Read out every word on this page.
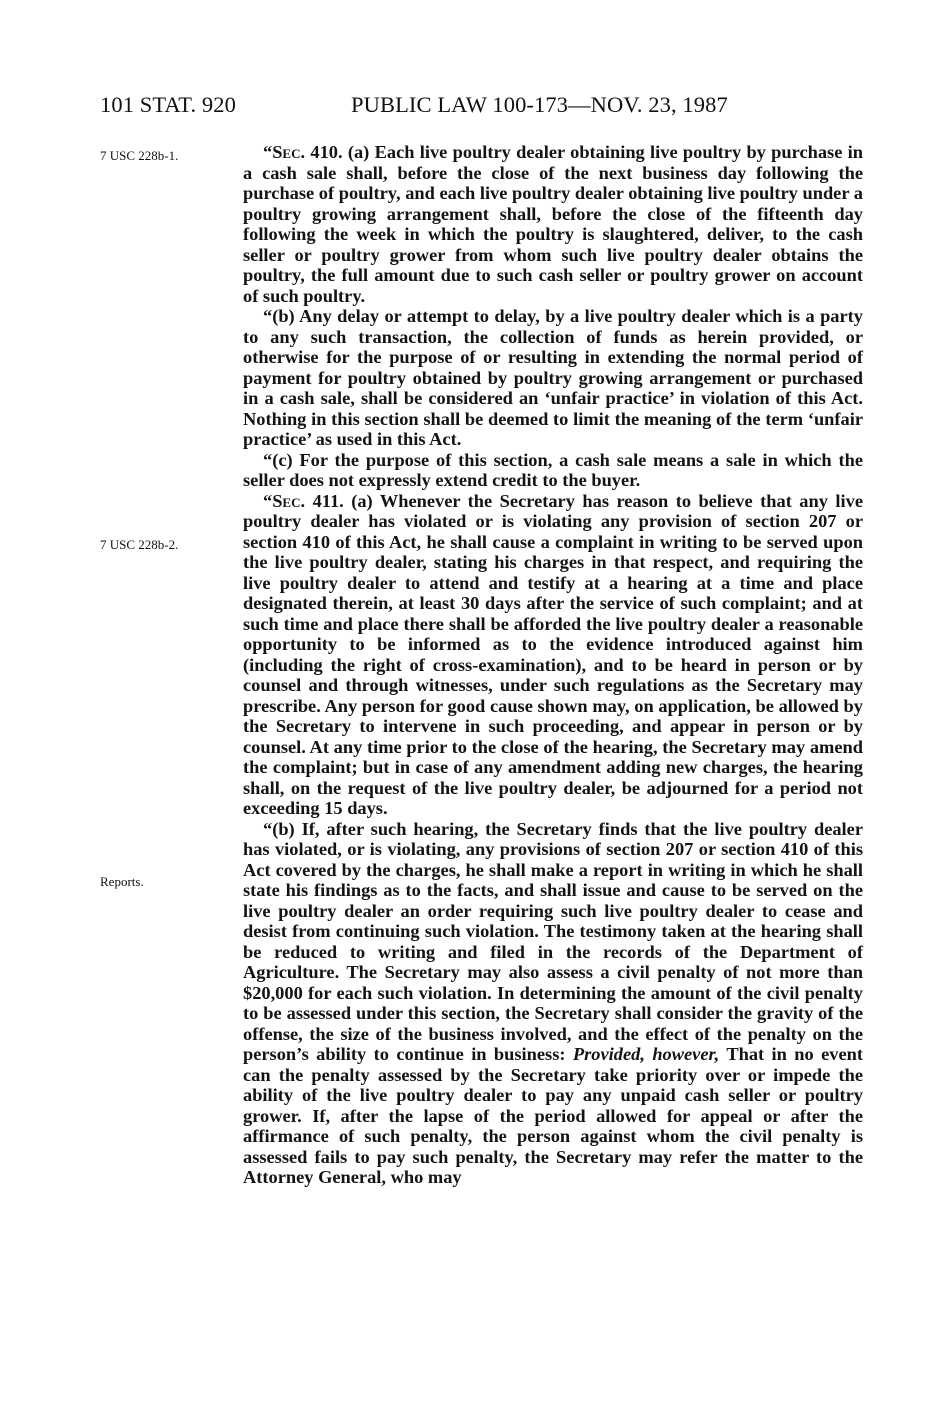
101 STAT. 920	PUBLIC LAW 100-173—NOV. 23, 1987
7 USC 228b-1.
7 USC 228b-2.
Reports.

“Sec. 410. (a) Each live poultry dealer obtaining live poultry by purchase in a cash sale shall, before the close of the next business day following the purchase of poultry, and each live poultry dealer obtaining live poultry under a poultry growing arrangement shall, before the close of the fifteenth day following the week in which the poultry is slaughtered, deliver, to the cash seller or poultry grower from whom such live poultry dealer obtains the poultry, the full amount due to such cash seller or poultry grower on account of such poultry.

“(b) Any delay or attempt to delay, by a live poultry dealer which is a party to any such transaction, the collection of funds as herein provided, or otherwise for the purpose of or resulting in extending the normal period of payment for poultry obtained by poultry growing arrangement or purchased in a cash sale, shall be considered an ‘unfair practice’ in violation of this Act. Nothing in this section shall be deemed to limit the meaning of the term ‘unfair practice’ as used in this Act.

“(c) For the purpose of this section, a cash sale means a sale in which the seller does not expressly extend credit to the buyer.

“Sec. 411. (a) Whenever the Secretary has reason to believe that any live poultry dealer has violated or is violating any provision of section 207 or section 410 of this Act, he shall cause a complaint in writing to be served upon the live poultry dealer, stating his charges in that respect, and requiring the live poultry dealer to attend and testify at a hearing at a time and place designated therein, at least 30 days after the service of such complaint; and at such time and place there shall be afforded the live poultry dealer a reasonable opportunity to be informed as to the evidence introduced against him (including the right of cross-examination), and to be heard in person or by counsel and through witnesses, under such regulations as the Secretary may prescribe. Any person for good cause shown may, on application, be allowed by the Secretary to intervene in such proceeding, and appear in person or by counsel. At any time prior to the close of the hearing, the Secretary may amend the complaint; but in case of any amendment adding new charges, the hearing shall, on the request of the live poultry dealer, be adjourned for a period not exceeding 15 days.

“(b) If, after such hearing, the Secretary finds that the live poultry dealer has violated, or is violating, any provisions of section 207 or section 410 of this Act covered by the charges, he shall make a report in writing in which he shall state his findings as to the facts, and shall issue and cause to be served on the live poultry dealer an order requiring such live poultry dealer to cease and desist from continuing such violation. The testimony taken at the hearing shall be reduced to writing and filed in the records of the Department of Agriculture. The Secretary may also assess a civil penalty of not more than $20,000 for each such violation. In determining the amount of the civil penalty to be assessed under this section, the Secretary shall consider the gravity of the offense, the size of the business involved, and the effect of the penalty on the person’s ability to continue in business: Provided, however, That in no event can the penalty assessed by the Secretary take priority over or impede the ability of the live poultry dealer to pay any unpaid cash seller or poultry grower. If, after the lapse of the period allowed for appeal or after the affirmance of such penalty, the person against whom the civil penalty is assessed fails to pay such penalty, the Secretary may refer the matter to the Attorney General, who may
